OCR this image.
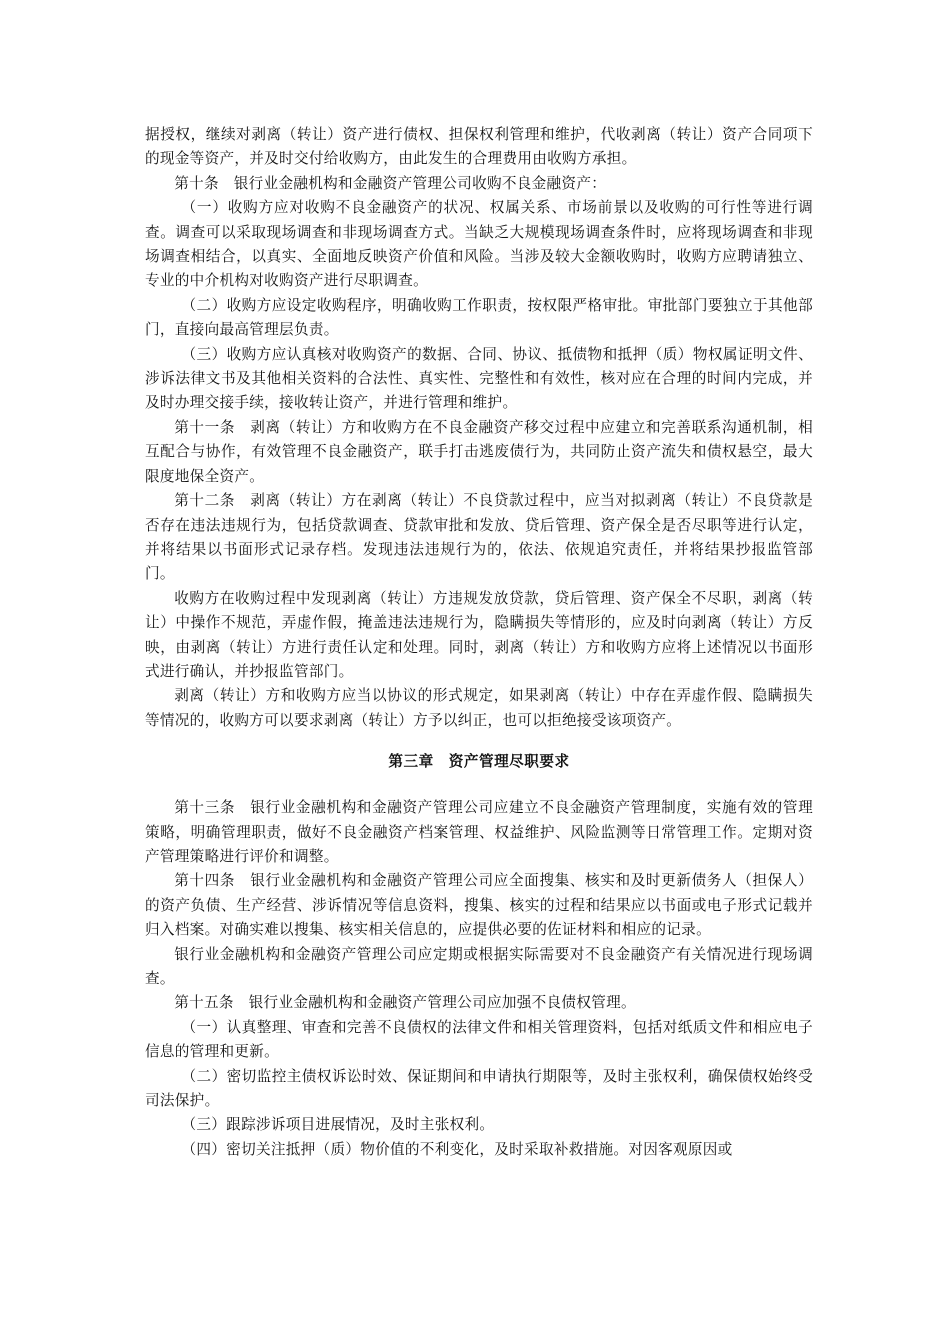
据授权，继续对剥离（转让）资产进行债权、担保权利管理和维护，代收剥离（转让）资产合同项下的现金等资产，并及时交付给收购方，由此发生的合理费用由收购方承担。

第十条　银行业金融机构和金融资产管理公司收购不良金融资产：

（一）收购方应对收购不良金融资产的状况、权属关系、市场前景以及收购的可行性等进行调查。调查可以采取现场调查和非现场调查方式。当缺乏大规模现场调查条件时，应将现场调查和非现场调查相结合，以真实、全面地反映资产价值和风险。当涉及较大金额收购时，收购方应聘请独立、专业的中介机构对收购资产进行尽职调查。

（二）收购方应设定收购程序，明确收购工作职责，按权限严格审批。审批部门要独立于其他部门，直接向最高管理层负责。

（三）收购方应认真核对收购资产的数据、合同、协议、抵债物和抵押（质）物权属证明文件、涉诉法律文书及其他相关资料的合法性、真实性、完整性和有效性，核对应在合理的时间内完成，并及时办理交接手续，接收转让资产，并进行管理和维护。

第十一条　剥离（转让）方和收购方在不良金融资产移交过程中应建立和完善联系沟通机制，相互配合与协作，有效管理不良金融资产，联手打击逃废债行为，共同防止资产流失和债权悬空，最大限度地保全资产。

第十二条　剥离（转让）方在剥离（转让）不良贷款过程中，应当对拟剥离（转让）不良贷款是否存在违法违规行为，包括贷款调查、贷款审批和发放、贷后管理、资产保全是否尽职等进行认定，并将结果以书面形式记录存档。发现违法违规行为的，依法、依规追究责任，并将结果抄报监管部门。

收购方在收购过程中发现剥离（转让）方违规发放贷款，贷后管理、资产保全不尽职，剥离（转让）中操作不规范，弄虚作假，掩盖违法违规行为，隐瞒损失等情形的，应及时向剥离（转让）方反映，由剥离（转让）方进行责任认定和处理。同时，剥离（转让）方和收购方应将上述情况以书面形式进行确认，并抄报监管部门。

剥离（转让）方和收购方应当以协议的形式规定，如果剥离（转让）中存在弄虚作假、隐瞒损失等情况的，收购方可以要求剥离（转让）方予以纠正，也可以拒绝接受该项资产。

第三章　资产管理尽职要求

第十三条　银行业金融机构和金融资产管理公司应建立不良金融资产管理制度，实施有效的管理策略，明确管理职责，做好不良金融资产档案管理、权益维护、风险监测等日常管理工作。定期对资产管理策略进行评价和调整。

第十四条　银行业金融机构和金融资产管理公司应全面搜集、核实和及时更新债务人（担保人）的资产负债、生产经营、涉诉情况等信息资料，搜集、核实的过程和结果应以书面或电子形式记载并归入档案。对确实难以搜集、核实相关信息的，应提供必要的佐证材料和相应的记录。

银行业金融机构和金融资产管理公司应定期或根据实际需要对不良金融资产有关情况进行现场调查。

第十五条　银行业金融机构和金融资产管理公司应加强不良债权管理。

（一）认真整理、审查和完善不良债权的法律文件和相关管理资料，包括对纸质文件和相应电子信息的管理和更新。

（二）密切监控主债权诉讼时效、保证期间和申请执行期限等，及时主张权利，确保债权始终受司法保护。

（三）跟踪涉诉项目进展情况，及时主张权利。

（四）密切关注抵押（质）物价值的不利变化，及时采取补救措施。对因客观原因或
